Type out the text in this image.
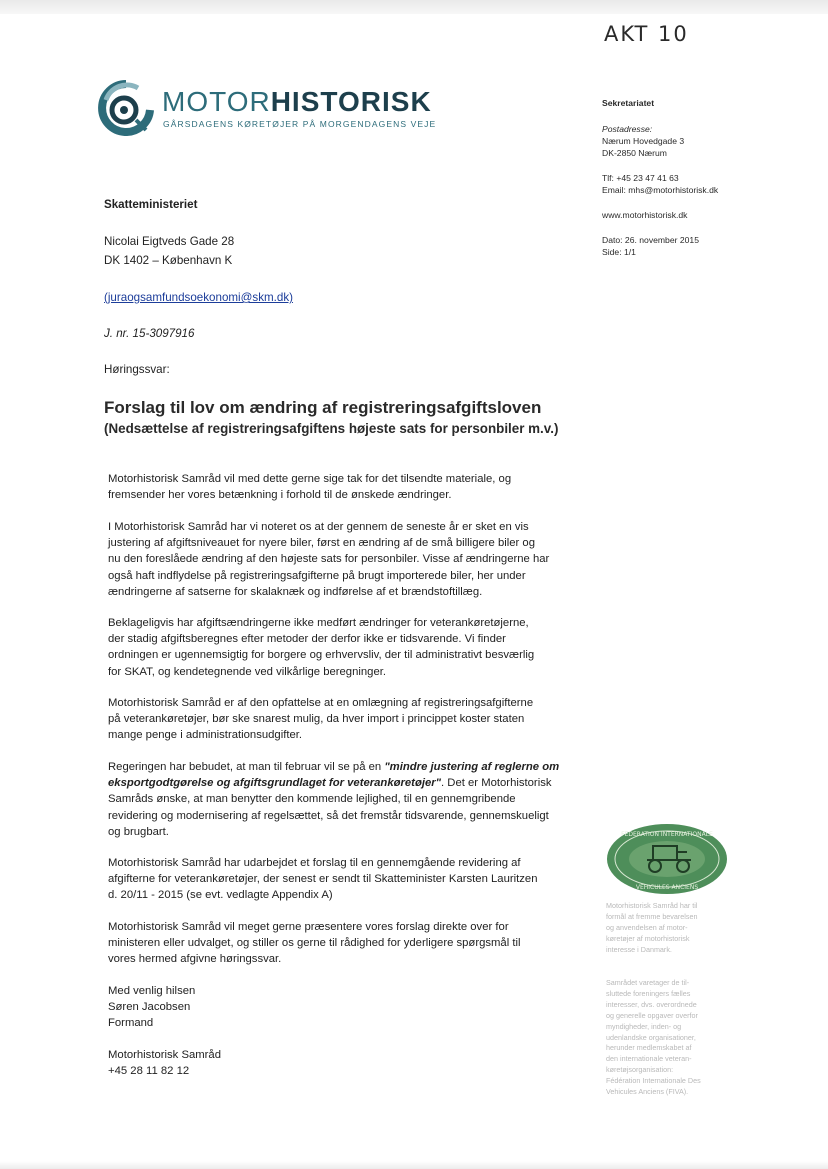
AKT 10
MOTORHISTORISK
GÅRSDAGENS KØRETØJER PÅ MORGENDAGENS VEJE
Sekretariatet
Postadresse:
Nærum Hovedgade 3
DK-2850 Nærum
Tlf: +45 23 47 41 63
Email: mhs@motorhistorisk.dk
www.motorhistorisk.dk
Dato: 26. november 2015
Side: 1/1
Skatteministeriet
Nicolai Eigtveds Gade 28
DK 1402 – København K
(juraogsamfundsoekonomi@skm.dk)
J. nr. 15-3097916
Høringssvar:
Forslag til lov om ændring af registreringsafgiftsloven
(Nedsættelse af registreringsafgiftens højeste sats for personbiler m.v.)

Motorhistorisk Samråd vil med dette gerne sige tak for det tilsendte materiale, og

fremsender her vores betænkning i forhold til de ønskede ændringer.

I Motorhistorisk Samråd har vi noteret os at der gennem de seneste år er sket en vis

justering af afgiftsniveauet for nyere biler, først en ændring af de små billigere biler og

nu den foreslåede ændring af den højeste sats for personbiler. Visse af ændringerne har

også haft indflydelse på registreringsafgifterne på brugt importerede biler, her under

ændringerne af satserne for skalaknæk og indførelse af et brændstoftillæg.

Beklageligvis har afgiftsændringerne ikke medført ændringer for veterankøretøjerne,

der stadig afgiftsberegnes efter metoder der derfor ikke er tidsvarende. Vi finder

ordningen er ugennemsigtig for borgere og erhvervsliv, der til administrativt besværlig

for SKAT, og kendetegnende ved vilkårlige beregninger.

Motorhistorisk Samråd er af den opfattelse at en omlægning af registreringsafgifterne

på veterankøretøjer, bør ske snarest mulig, da hver import i princippet koster staten

mange penge i administrationsudgifter.

Regeringen har bebudet, at man til februar vil se på en "mindre justering af reglerne om

eksportgodtgørelse og afgiftsgrundlaget for veterankøretøjer". Det er Motorhistorisk

Samråds ønske, at man benytter den kommende lejlighed, til en gennemgribende

revidering og modernisering af regelsættet, så det fremstår tidsvarende, gennemskueligt

og brugbart.

Motorhistorisk Samråd har udarbejdet et forslag til en gennemgående revidering af

afgifterne for veterankøretøjer, der senest er sendt til Skatteminister Karsten Lauritzen

d. 20/11 - 2015 (se evt. vedlagte Appendix A)

Motorhistorisk Samråd vil meget gerne præsentere vores forslag direkte over for

ministeren eller udvalget, og stiller os gerne til rådighed for yderligere spørgsmål til

vores hermed afgivne høringssvar.

Med venlig hilsen

Søren Jacobsen

Formand

Motorhistorisk Samråd

+45 28 11 82 12

FEDERATION INTERNATIONALE
VEHICULES ANCIENS

Motorhistorisk Samråd har til

formål at fremme bevarelsen

og anvendelsen af motor-

køretøjer af motorhistorisk

interesse i Danmark.

Samrådet varetager de til-

sluttede foreningers fælles

interesser, dvs. overordnede

og generelle opgaver overfor

myndigheder, inden- og

udenlandske organisationer,

herunder medlemskabet af

den internationale veteran-

køretøjsorganisation:

Fédération Internationale Des

Vehicules Anciens (FIVA).
